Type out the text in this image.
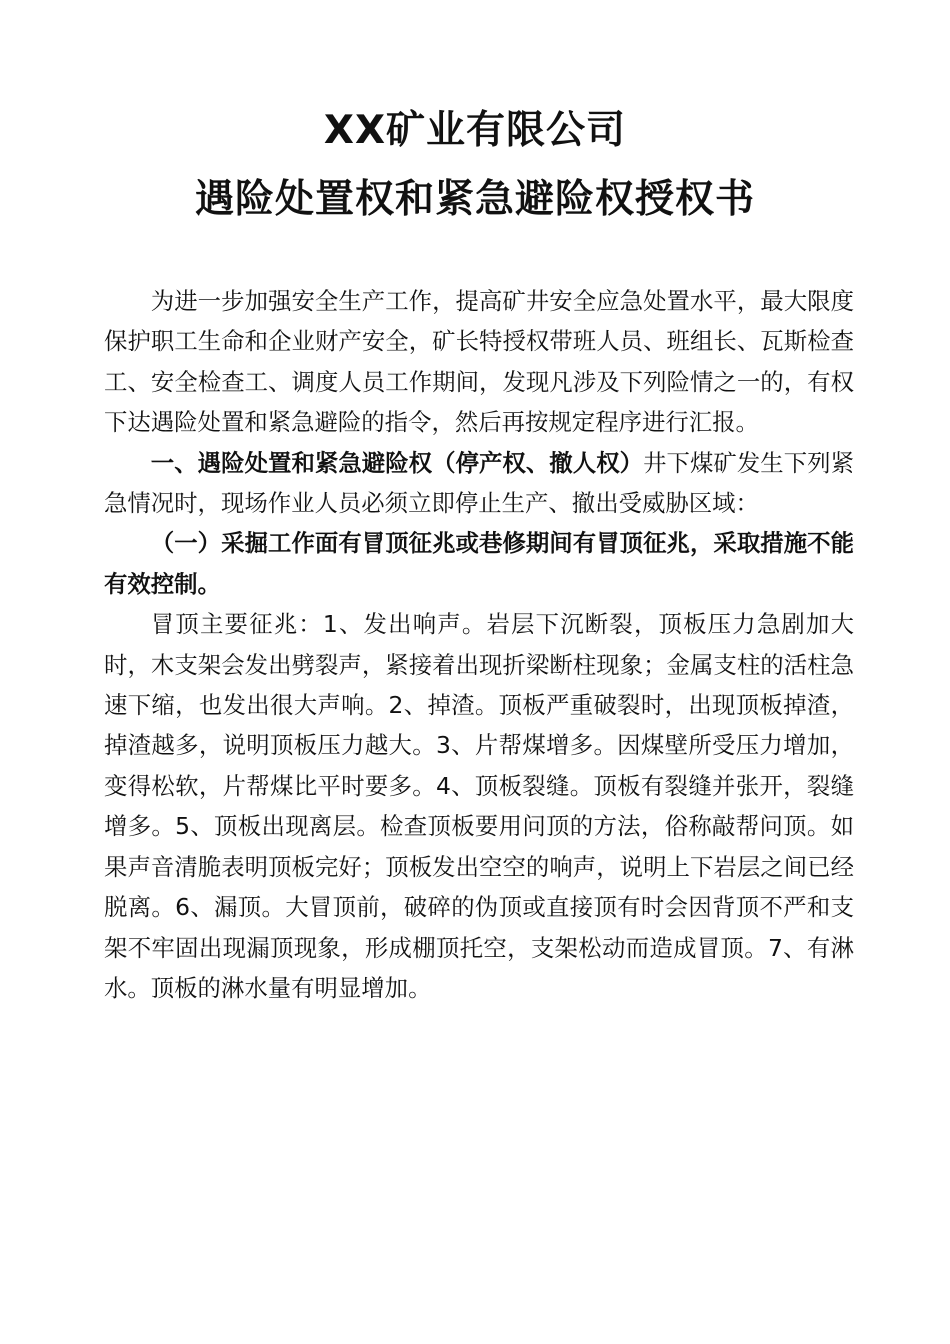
XX矿业有限公司
遇险处置权和紧急避险权授权书

为进一步加强安全生产工作，提高矿井安全应急处置水平，最大限度保护职工生命和企业财产安全，矿长特授权带班人员、班组长、瓦斯检查工、安全检查工、调度人员工作期间，发现凡涉及下列险情之一的，有权下达遇险处置和紧急避险的指令，然后再按规定程序进行汇报。

一、遇险处置和紧急避险权（停产权、撤人权）井下煤矿发生下列紧急情况时，现场作业人员必须立即停止生产、撤出受威胁区域：

（一）采掘工作面有冒顶征兆或巷修期间有冒顶征兆，采取措施不能有效控制。

冒顶主要征兆：1、发出响声。岩层下沉断裂，顶板压力急剧加大时，木支架会发出劈裂声，紧接着出现折梁断柱现象；金属支柱的活柱急速下缩，也发出很大声响。2、掉渣。顶板严重破裂时，出现顶板掉渣，掉渣越多，说明顶板压力越大。3、片帮煤增多。因煤壁所受压力增加，变得松软，片帮煤比平时要多。4、顶板裂缝。顶板有裂缝并张开，裂缝增多。5、顶板出现离层。检查顶板要用问顶的方法，俗称敲帮问顶。如果声音清脆表明顶板完好；顶板发出空空的响声，说明上下岩层之间已经脱离。6、漏顶。大冒顶前，破碎的伪顶或直接顶有时会因背顶不严和支架不牢固出现漏顶现象，形成棚顶托空，支架松动而造成冒顶。7、有淋水。顶板的淋水量有明显增加。
